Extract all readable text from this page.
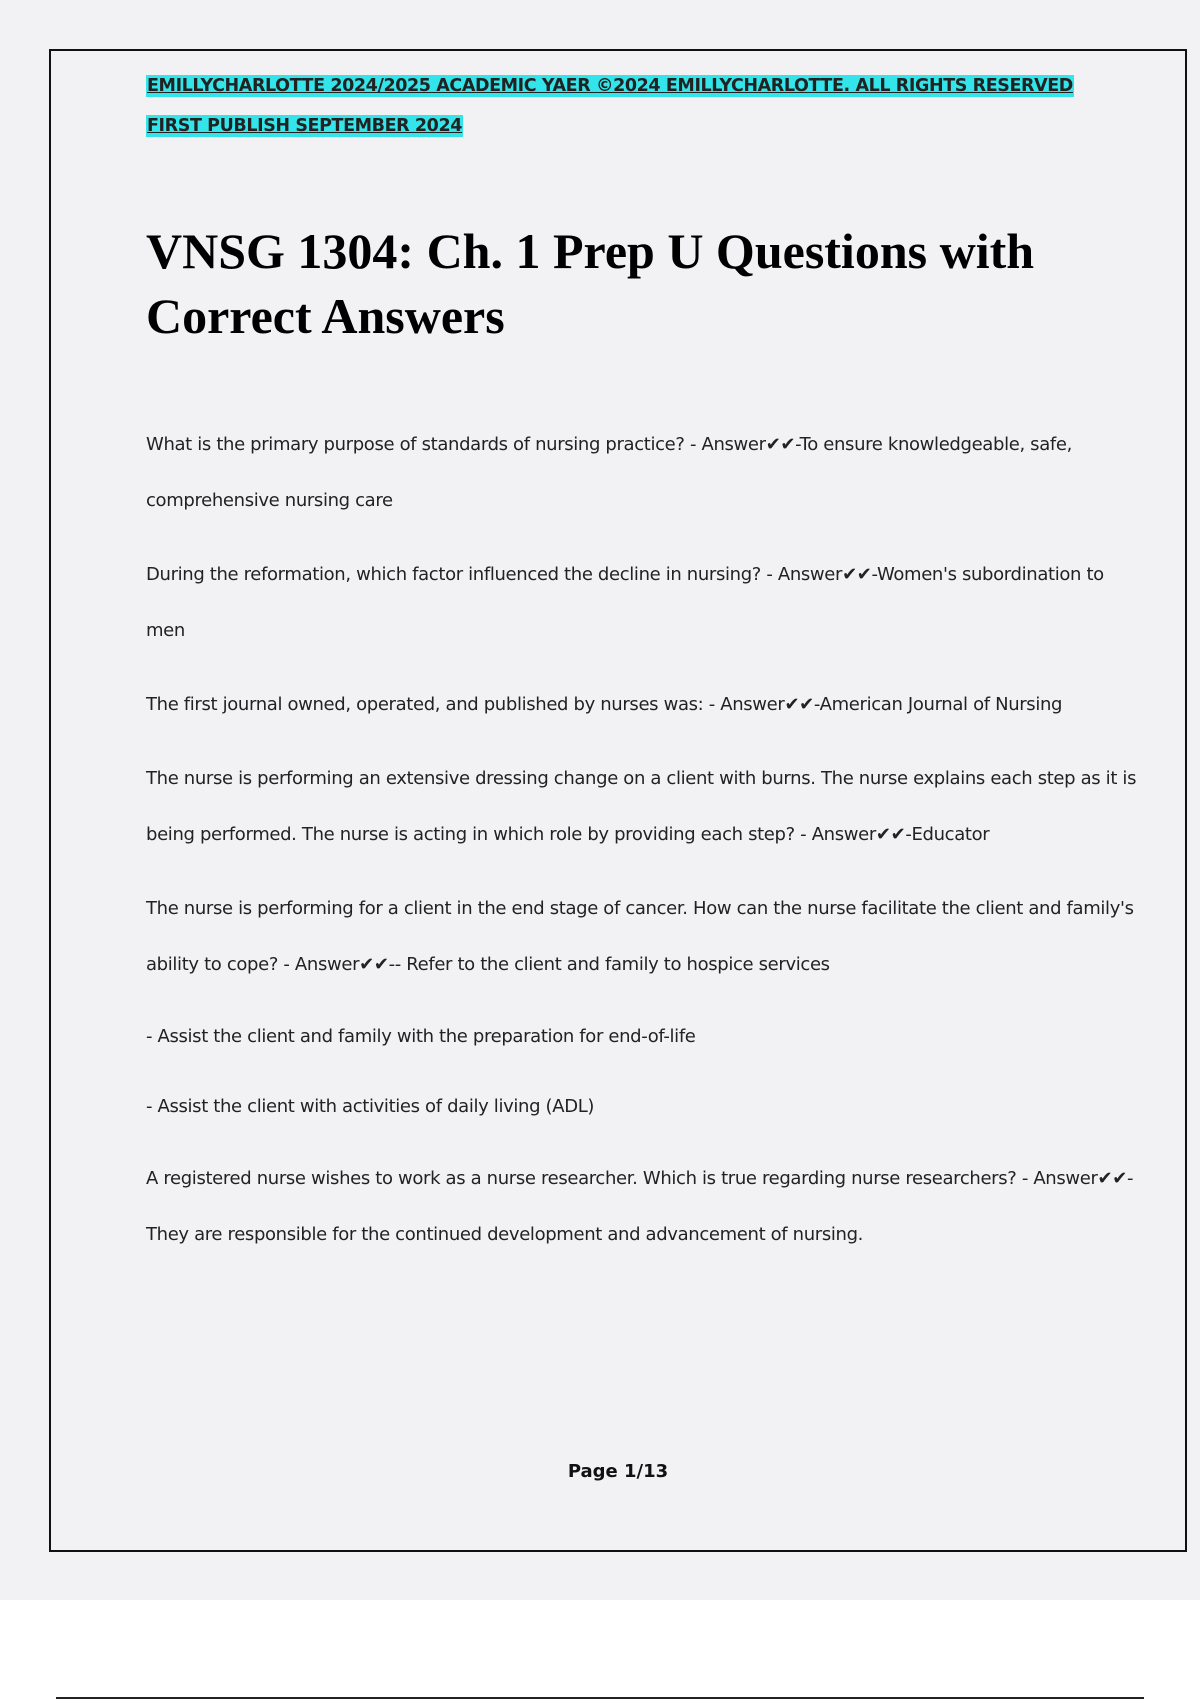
EMILLYCHARLOTTE 2024/2025 ACADEMIC YAER ©2024 EMILLYCHARLOTTE. ALL RIGHTS RESERVED
FIRST PUBLISH SEPTEMBER 2024
VNSG 1304: Ch. 1 Prep U Questions with Correct Answers

What is the primary purpose of standards of nursing practice? - Answer✔✔-To ensure knowledgeable, safe, comprehensive nursing care

During the reformation, which factor influenced the decline in nursing? - Answer✔✔-Women's subordination to men

The first journal owned, operated, and published by nurses was: - Answer✔✔-American Journal of Nursing

The nurse is performing an extensive dressing change on a client with burns. The nurse explains each step as it is being performed. The nurse is acting in which role by providing each step? - Answer✔✔-Educator

The nurse is performing for a client in the end stage of cancer. How can the nurse facilitate the client and family's ability to cope? - Answer✔✔-- Refer to the client and family to hospice services

- Assist the client and family with the preparation for end-of-life

- Assist the client with activities of daily living (ADL)

A registered nurse wishes to work as a nurse researcher. Which is true regarding nurse researchers? - Answer✔✔-They are responsible for the continued development and advancement of nursing.

Page 1/13
